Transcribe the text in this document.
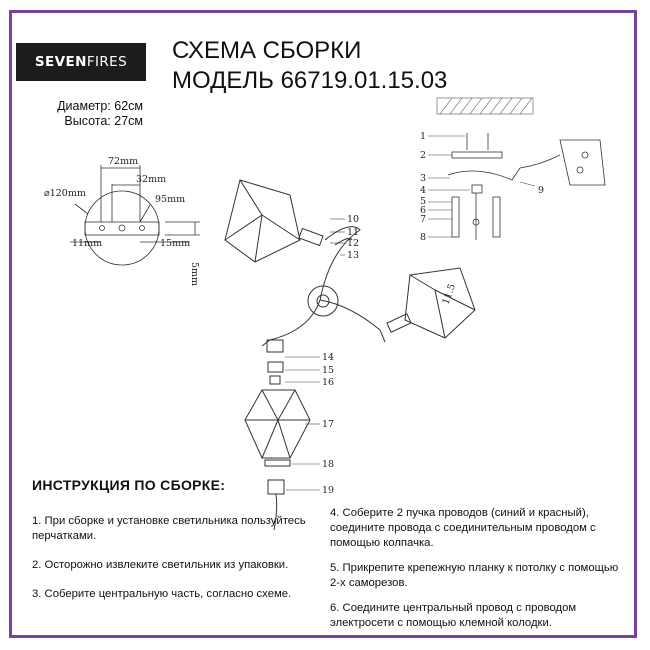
SEVEN FIRES СХЕМА СБОРКИ
МОДЕЛЬ 66719.01.15.03
Диаметр: 62см
Высота: 27см
72mm
32mm
⌀120mm
95mm
11mm	15mm
5mm
1
2
3
4
5
6
7
8
9
11.5
10
11
12
13
14
15
16
17
18
19
ИНСТРУКЦИЯ ПО СБОРКЕ:

1. При сборке и установке светильника пользуйтесь перчатками.

2. Осторожно извлеките светильник из упаковки.

3. Соберите центральную часть, согласно схеме.

4. Соберите 2 пучка проводов (синий и красный), соедините провода с соединительным проводом с помощью колпачка.

5. Прикрепите крепежную планку к потолку с помощью 2-х саморезов.

6. Соедините центральный провод с проводом электросети с помощью клемной колодки.
